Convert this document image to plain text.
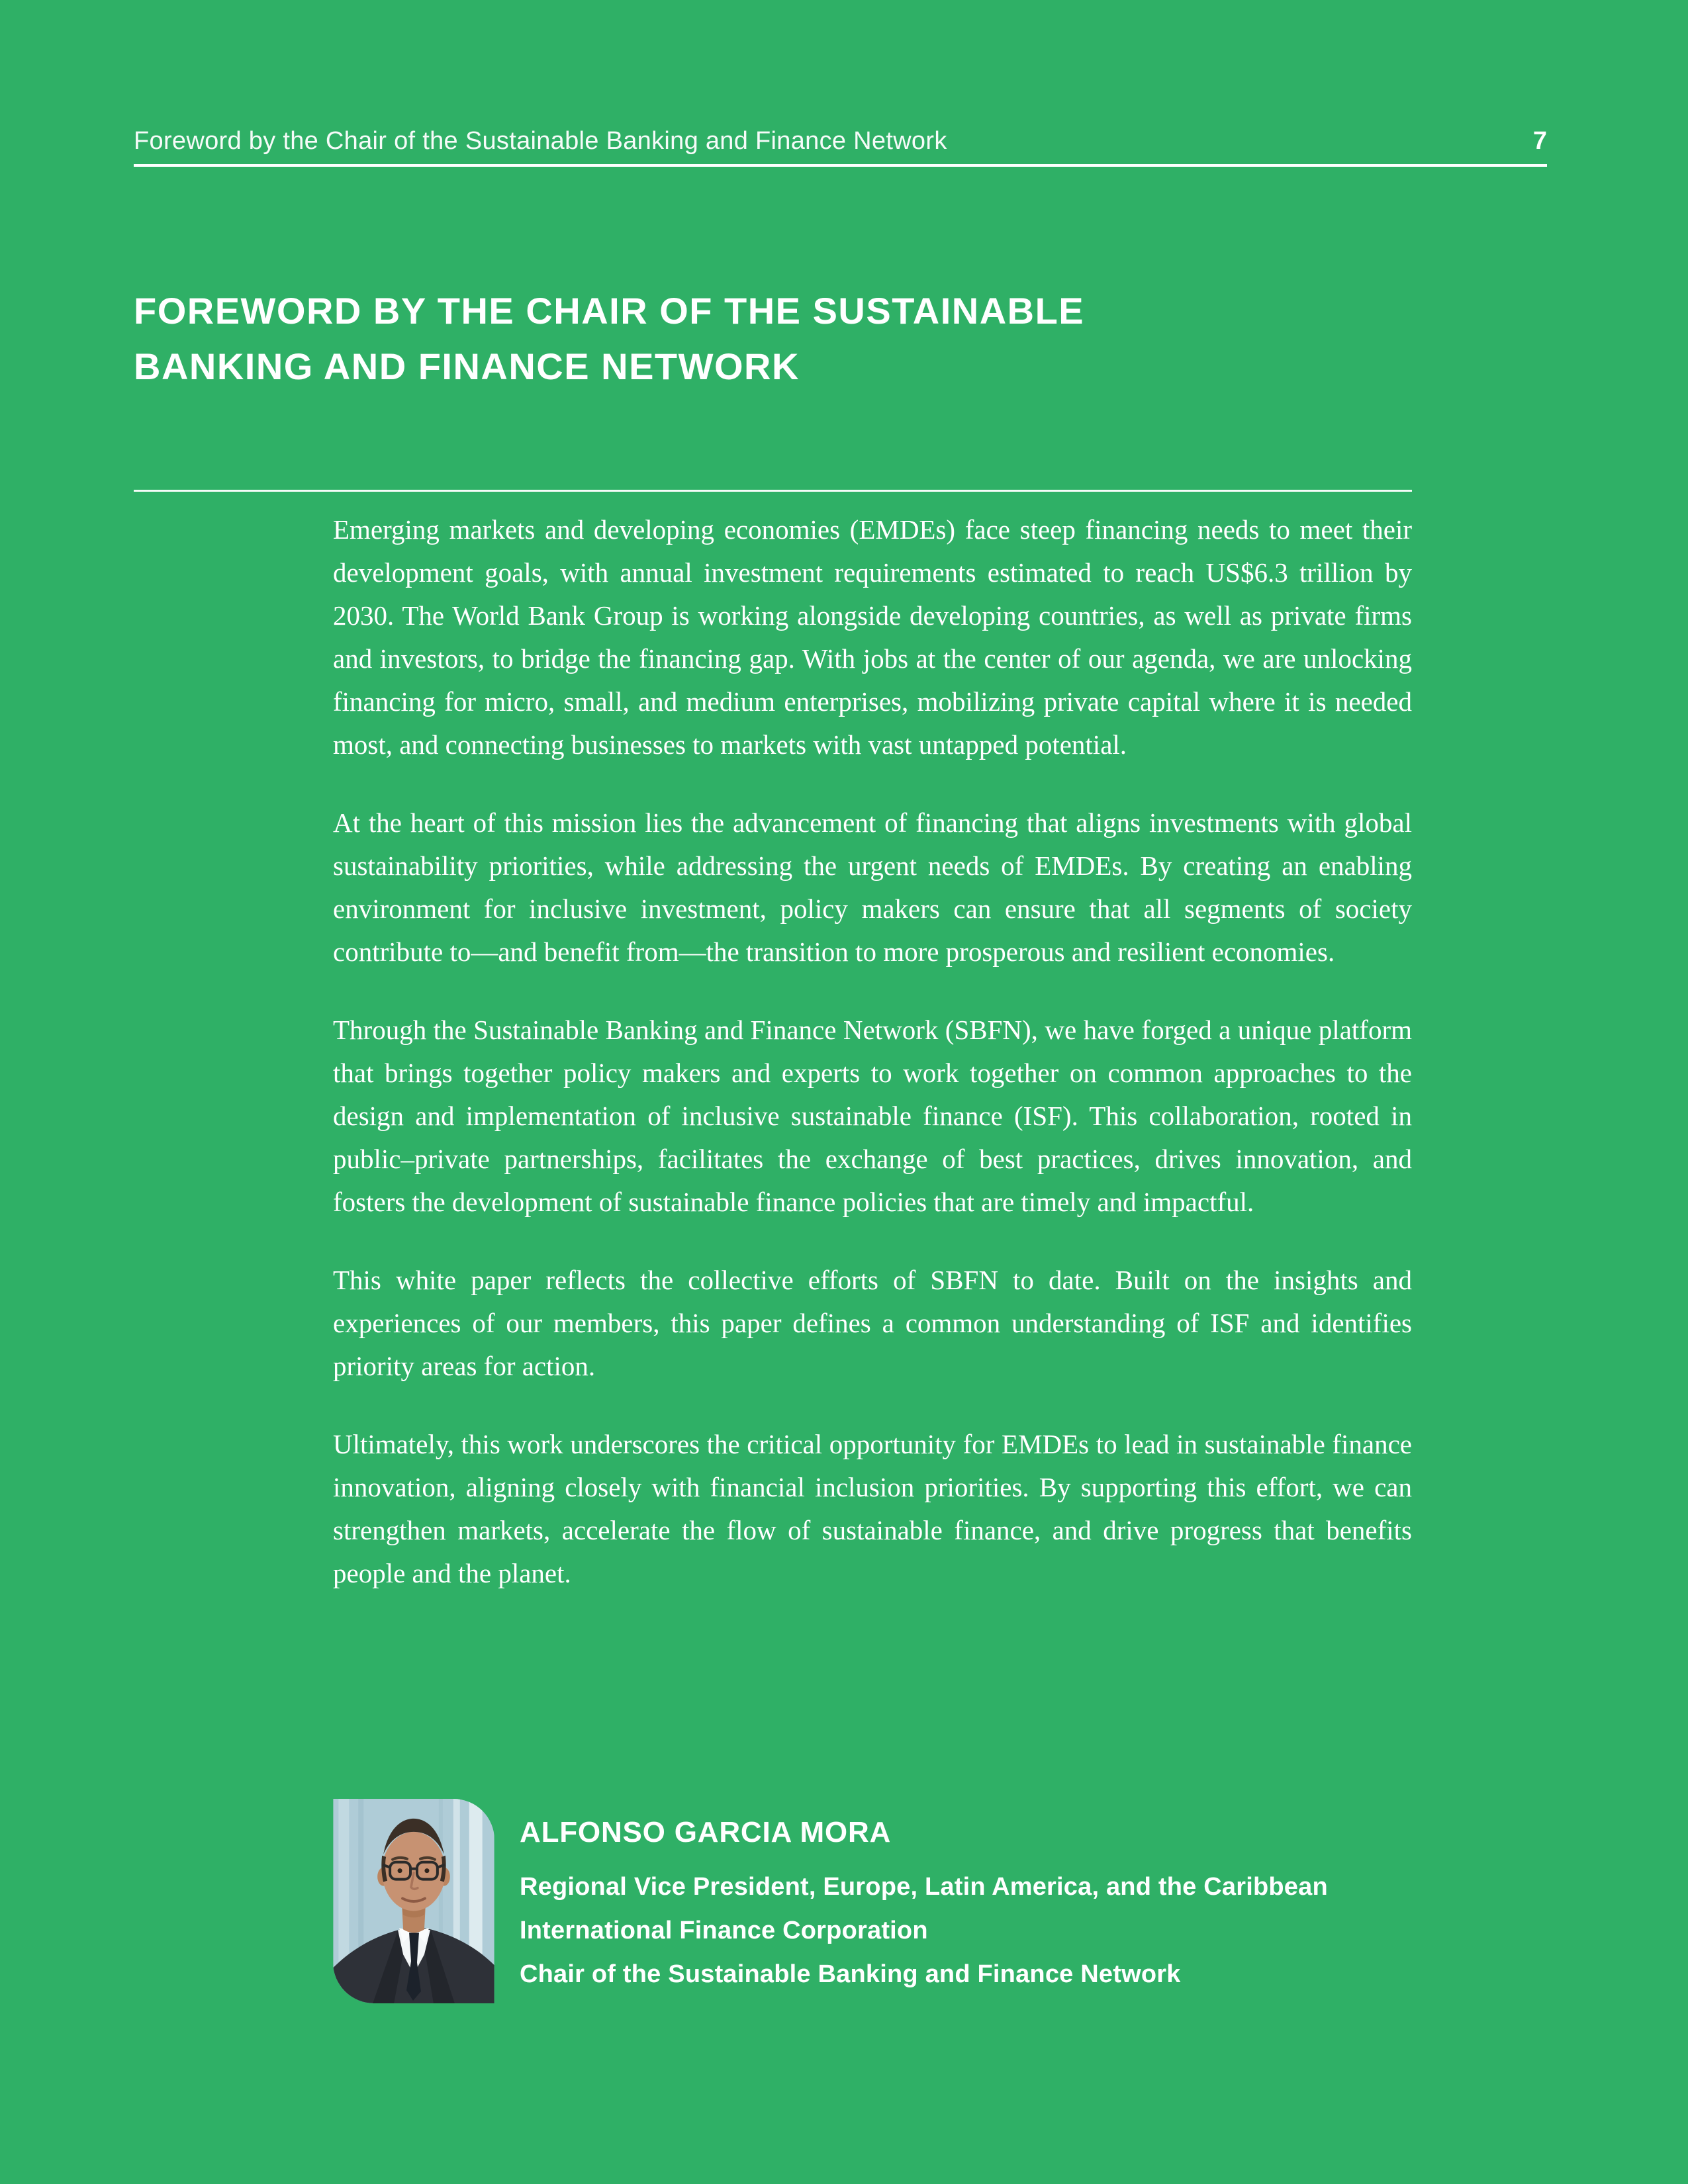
Foreword by the Chair of the Sustainable Banking and Finance Network	7
FOREWORD BY THE CHAIR OF THE SUSTAINABLE
BANKING AND FINANCE NETWORK

Emerging markets and developing economies (EMDEs) face steep financing needs to meet their development goals, with annual investment requirements estimated to reach US$6.3 trillion by 2030. The World Bank Group is working alongside developing countries, as well as private firms and investors, to bridge the financing gap. With jobs at the center of our agenda, we are unlocking financing for micro, small, and medium enterprises, mobilizing private capital where it is needed most, and connecting businesses to markets with vast untapped potential.

At the heart of this mission lies the advancement of financing that aligns investments with global sustainability priorities, while addressing the urgent needs of EMDEs. By creating an enabling environment for inclusive investment, policy makers can ensure that all segments of society contribute to—and benefit from—the transition to more prosperous and resilient economies.

Through the Sustainable Banking and Finance Network (SBFN), we have forged a unique platform that brings together policy makers and experts to work together on common approaches to the design and implementation of inclusive sustainable finance (ISF). This collaboration, rooted in public–private partnerships, facilitates the exchange of best practices, drives innovation, and fosters the development of sustainable finance policies that are timely and impactful.

This white paper reflects the collective efforts of SBFN to date. Built on the insights and experiences of our members, this paper defines a common understanding of ISF and identifies priority areas for action.

Ultimately, this work underscores the critical opportunity for EMDEs to lead in sustainable finance innovation, aligning closely with financial inclusion priorities. By supporting this effort, we can strengthen markets, accelerate the flow of sustainable finance, and drive progress that benefits people and the planet.

ALFONSO GARCIA MORA
Regional Vice President, Europe, Latin America, and the Caribbean
International Finance Corporation
Chair of the Sustainable Banking and Finance Network
